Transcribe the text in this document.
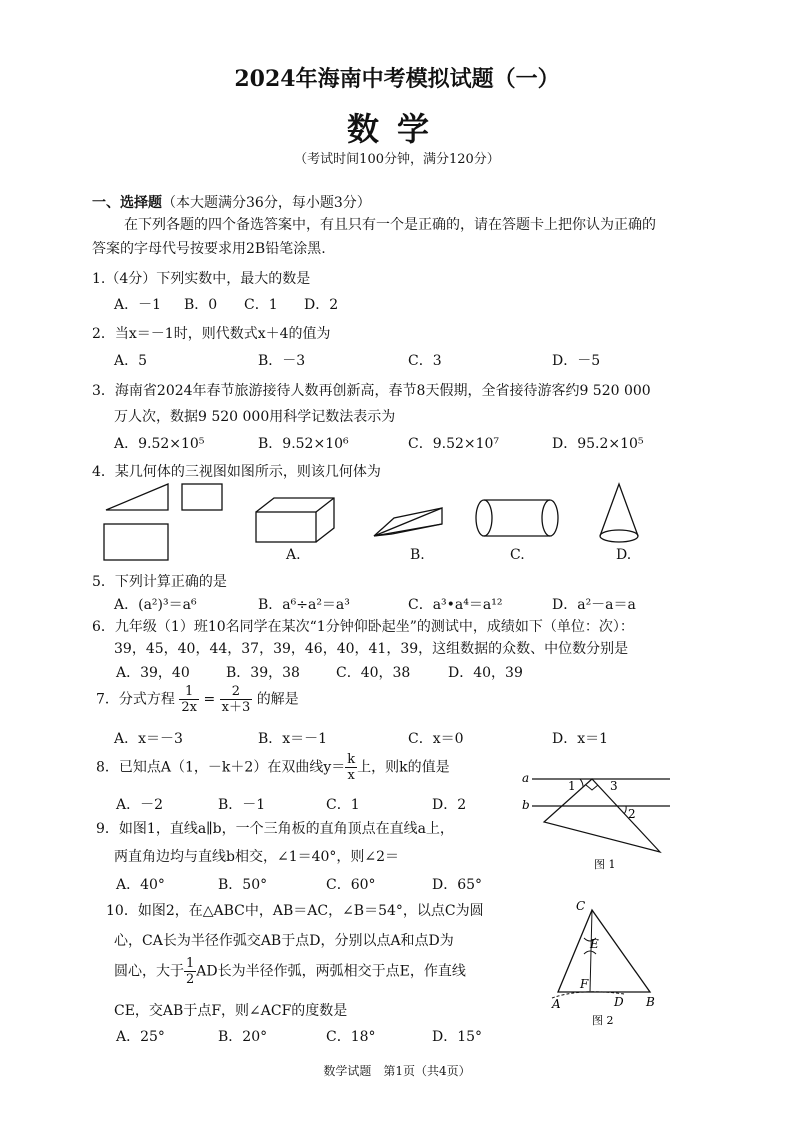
2024年海南中考模拟试题（一）
数学
（考试时间100分钟，满分120分）
一、选择题（本大题满分36分，每小题3分）
在下列各题的四个备选答案中，有且只有一个是正确的，请在答题卡上把你认为正确的
答案的字母代号按要求用2B铅笔涂黑.
1.（4分）下列实数中，最大的数是
A．－1 B．0 C．1 D．2
2．当x＝－1时，则代数式x＋4的值为
A．5	B．－3	C．3	D．－5
3．海南省2024年春节旅游接待人数再创新高，春节8天假期，全省接待游客约9 520 000
万人次，数据9 520 000用科学记数法表示为
A．9.52×10⁵	B．9.52×10⁶	C．9.52×10⁷	D．95.2×10⁵
4．某几何体的三视图如图所示，则该几何体为
A.	B.	C.	D.
5．下列计算正确的是
A．(a²)³＝a⁶	B．a⁶÷a²＝a³	C．a³•a⁴＝a¹²	D．a²－a＝a
6．九年级（1）班10名同学在某次“1分钟仰卧起坐”的测试中，成绩如下（单位：次）：
39，45，40，44，37，39，46，40，41，39，这组数据的众数、中位数分别是
A．39，40	B．39，38	C．40，38	D．40，39
7．分式方程 $\frac{1}{2x} = \frac{2}{x+3}$ 的解是
A．x＝－3	B．x＝－1	C．x＝0	D．x＝1
8．已知点A（1，－k＋2）在双曲线$y= \frac{k}{x}$ 上，则k的值是
A．－2	B．－1	C．1	D．2
9．如图1，直线a∥b，一个三角板的直角顶点在直线a上，
两直角边均与直线b相交，∠1＝40°，则∠2＝
A．40°	B．50°	C．60°	D．65°
a
b
1	3
2
图 1
10．如图2，在△ABC中，AB＝AC，∠B＝54°，以点C为圆
心，CA长为半径作弧交AB于点D，分别以点A和点D为
圆心，大于 $\frac{1}{2}$ AD长为半径作弧，两弧相交于点E，作直线
CE，交AB于点F，则∠ACF的度数是
A．25°	B．20°	C．18°	D．15°
C
E
F
A	D B
图 2
数学试题　第1页（共4页）
